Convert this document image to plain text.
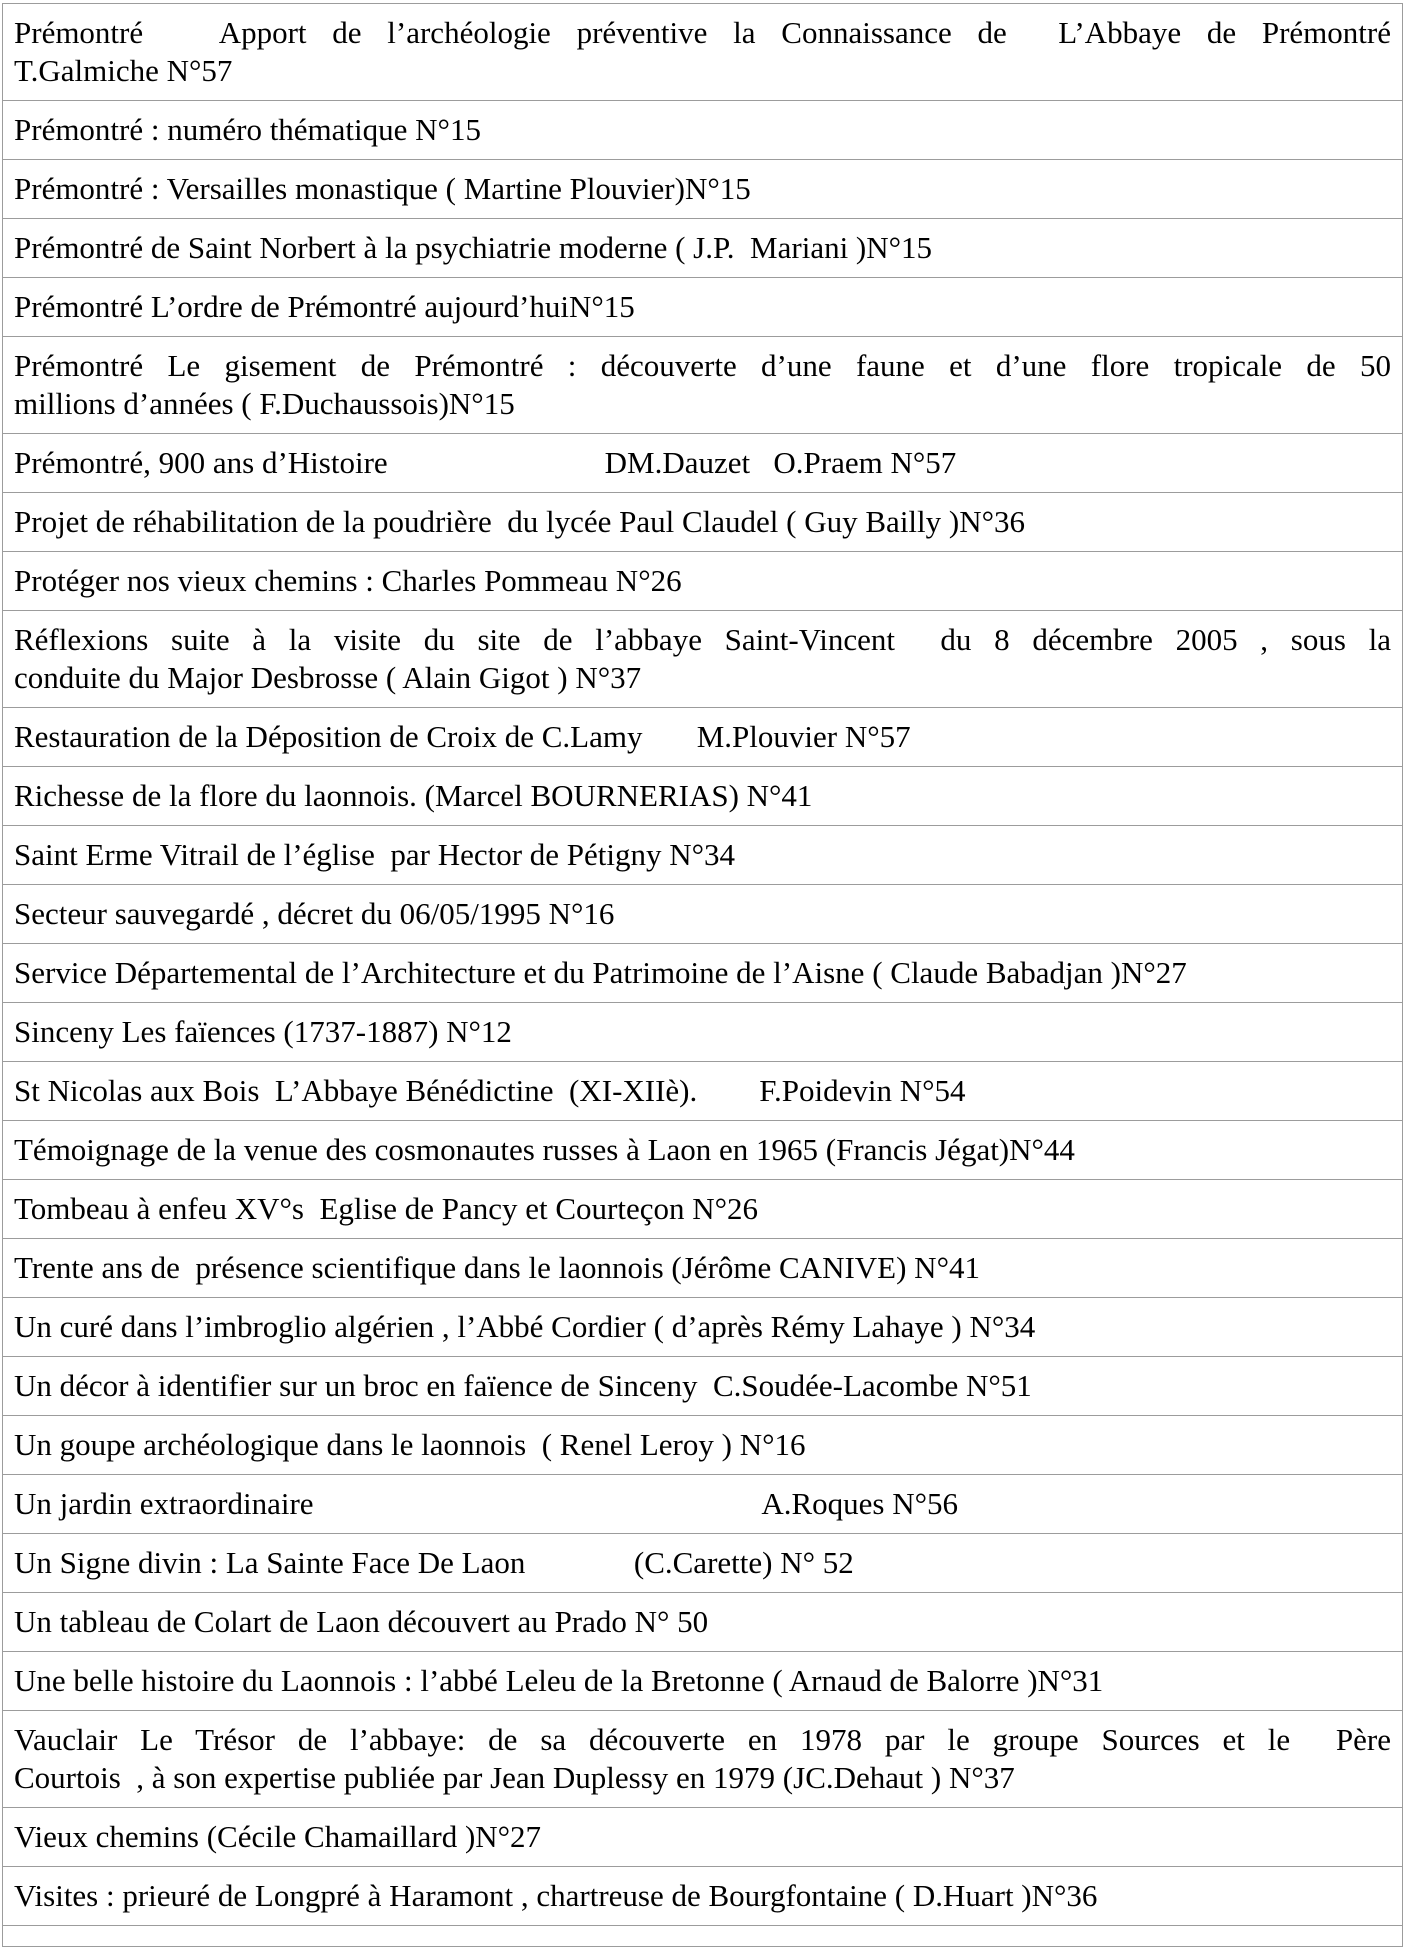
Prémontré   Apport de l’archéologie préventive la Connaissance de  L’Abbaye de Prémontré
T.Galmiche N°57

Prémontré : numéro thématique N°15

Prémontré : Versailles monastique ( Martine Plouvier)N°15

Prémontré de Saint Norbert à la psychiatrie moderne ( J.P.  Mariani )N°15

Prémontré L’ordre de Prémontré aujourd’huiN°15

Prémontré Le gisement de Prémontré : découverte d’une faune et d’une flore tropicale de 50
millions d’années ( F.Duchaussois)N°15

Prémontré, 900 ans d’Histoire                            DM.Dauzet   O.Praem N°57

Projet de réhabilitation de la poudrière  du lycée Paul Claudel ( Guy Bailly )N°36

Protéger nos vieux chemins : Charles Pommeau N°26

Réflexions suite à la visite du site de l’abbaye Saint-Vincent  du 8 décembre 2005 , sous la
conduite du Major Desbrosse ( Alain Gigot ) N°37

Restauration de la Déposition de Croix de C.Lamy       M.Plouvier N°57

Richesse de la flore du laonnois. (Marcel BOURNERIAS) N°41

Saint Erme Vitrail de l’église  par Hector de Pétigny N°34

Secteur sauvegardé , décret du 06/05/1995 N°16

Service Départemental de l’Architecture et du Patrimoine de l’Aisne ( Claude Babadjan )N°27

Sinceny Les faïences (1737-1887) N°12

St Nicolas aux Bois  L’Abbaye Bénédictine  (XI-XIIè).        F.Poidevin N°54

Témoignage de la venue des cosmonautes russes à Laon en 1965 (Francis Jégat)N°44

Tombeau à enfeu XV°s  Eglise de Pancy et Courteçon N°26

Trente ans de  présence scientifique dans le laonnois (Jérôme CANIVE) N°41

Un curé dans l’imbroglio algérien , l’Abbé Cordier ( d’après Rémy Lahaye ) N°34

Un décor à identifier sur un broc en faïence de Sinceny  C.Soudée-Lacombe N°51

Un goupe archéologique dans le laonnois  ( Renel Leroy ) N°16

Un jardin extraordinaire                                                          A.Roques N°56

Un Signe divin : La Sainte Face De Laon              (C.Carette) N° 52

Un tableau de Colart de Laon découvert au Prado N° 50

Une belle histoire du Laonnois : l’abbé Leleu de la Bretonne ( Arnaud de Balorre )N°31

Vauclair Le Trésor de l’abbaye: de sa découverte en 1978 par le groupe Sources et le  Père
Courtois  , à son expertise publiée par Jean Duplessy en 1979 (JC.Dehaut ) N°37

Vieux chemins (Cécile Chamaillard )N°27

Visites : prieuré de Longpré à Haramont , chartreuse de Bourgfontaine ( D.Huart )N°36
